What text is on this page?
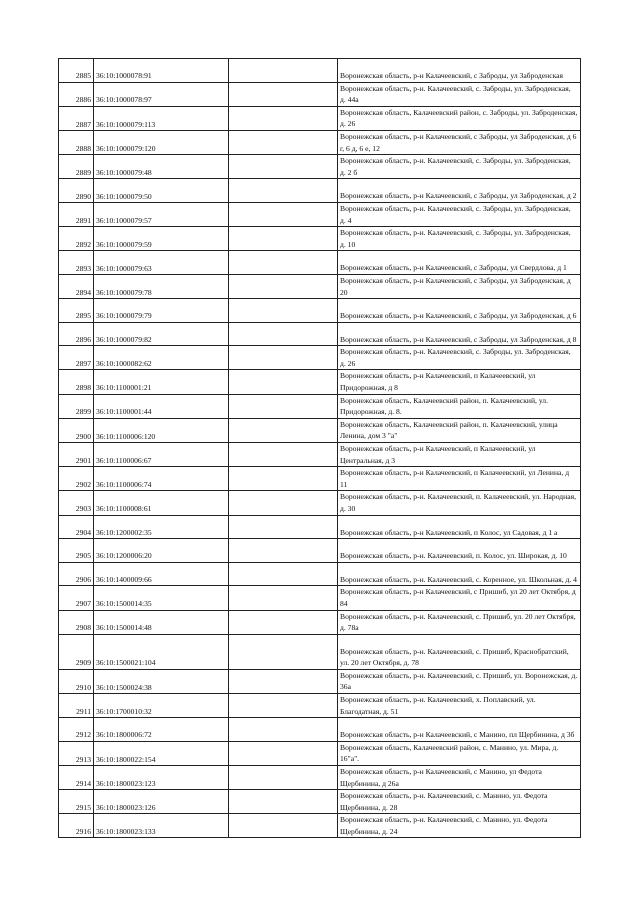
2885	36:10:1000078:91		Воронежская область, р-н Калачеевский, с Заброды, ул Заброденская
2886	36:10:1000078:97		Воронежская область, р-н. Калачеевский, с. Заброды, ул. Заброденская, д. 44а
2887	36:10:1000079:113		Воронежская область, Калачеевский район, с. Заброды, ул. Заброденская, д. 26
2888	36:10:1000079:120		Воронежская область, р-н Калачеевский, с Заброды, ул Заброденская, д 6 г, 6 д, 6 е, 12
2889	36:10:1000079:48		Воронежская область, р-н. Калачеевский, с. Заброды, ул. Заброденская, д. 2 б
2890	36:10:1000079:50		Воронежская область, р-н Калачеевский, с Заброды, ул Заброденская, д 2
2891	36:10:1000079:57		Воронежская область, р-н. Калачеевский, с. Заброды, ул. Заброденская, д. 4
2892	36:10:1000079:59		Воронежская область, р-н. Калачеевский, с. Заброды, ул. Заброденская, д. 10
2893	36:10:1000079:63		Воронежская область, р-н Калачеевский, с Заброды, ул Свердлова, д 1
2894	36:10:1000079:78		Воронежская область, р-н Калачеевский, с Заброды, ул Заброденская, д 20
2895	36:10:1000079:79		Воронежская область, р-н Калачеевский, с Заброды, ул Заброденская, д 6
2896	36:10:1000079:82		Воронежская область, р-н Калачеевский, с Заброды, ул Заброденская, д 8
2897	36:10:1000082:62		Воронежская область, р-н. Калачеевский, с. Заброды, ул. Заброденская, д. 26
2898	36:10:1100001:21		Воронежская область, р-н Калачеевский, п Калачеевский, ул Придорожная, д 8
2899	36:10:1100001:44		Воронежская область, Калачеевский район, п. Калачеевский, ул. Придорожная, д. 8.
2900	36:10:1100006:120		Воронежская область, Калачеевский район, п. Калачеевский, улица Ленина, дом 3 "а"
2901	36:10:1100006:67		Воронежская область, р-н Калачеевский, п Калачеевский, ул Центральная, д 3
2902	36:10:1100006:74		Воронежская область, р-н Калачеевский, п Калачеевский, ул Ленина, д 11
2903	36:10:1100008:61		Воронежская область, р-н. Калачеевский, п. Калачеевский, ул. Народная, д. 30
2904	36:10:1200002:35		Воронежская область, р-н Калачеевский, п Колос, ул Садовая, д 1 а
2905	36:10:1200006:20		Воронежская область, р-н. Калачеевский, п. Колос, ул. Широкая, д. 10
2906	36:10:1400009:66		Воронежская область, р-н. Калачеевский, с. Коренное, ул. Школьная, д. 4
2907	36:10:1500014:35		Воронежская область, р-н Калачеевский, с Пришиб, ул 20 лет Октября, д 84
2908	36:10:1500014:48		Воронежская область, р-н. Калачеевский, с. Пришиб, ул. 20 лет Октября, д. 78а
2909	36:10:1500021:104		Воронежская область, р-н. Калачеевский, с. Пришиб, Краснобратский, ул. 20 лет Октября, д. 78
2910	36:10:1500024:38		Воронежская область, р-н. Калачеевский, с. Пришиб, ул. Воронежская, д. 36а
2911	36:10:1700010:32		Воронежская область, р-н. Калачеевский, х. Поплавский, ул. Благодатная, д. 51
2912	36:10:1800006:72		Воронежская область, р-н Калачеевский, с Манино, пл Щербинина, д 3б
2913	36:10:1800022:154		Воронежская область, Калачеевский район, с. Манино, ул. Мира, д. 16"а".
2914	36:10:1800023:123		Воронежская область, р-н Калачеевский, с Манино, ул Федота Щербинина, д 26а
2915	36:10:1800023:126		Воронежская область, р-н. Калачеевский, с. Манино, ул. Федота Щербинина, д. 28
2916	36:10:1800023:133		Воронежская область, р-н. Калачеевский, с. Манино, ул. Федота Щербинина, д. 24
